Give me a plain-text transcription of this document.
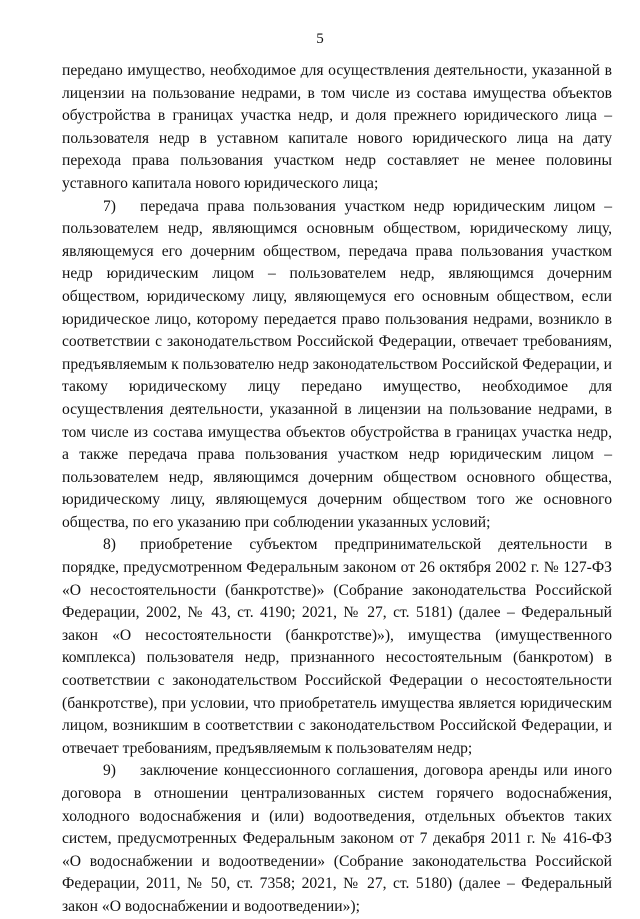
5

передано имущество, необходимое для осуществления деятельности, указанной в лицензии на пользование недрами, в том числе из состава имущества объектов обустройства в границах участка недр, и доля прежнего юридического лица – пользователя недр в уставном капитале нового юридического лица на дату перехода права пользования участком недр составляет не менее половины уставного капитала нового юридического лица;

7) передача права пользования участком недр юридическим лицом – пользователем недр, являющимся основным обществом, юридическому лицу, являющемуся его дочерним обществом, передача права пользования участком недр юридическим лицом – пользователем недр, являющимся дочерним обществом, юридическому лицу, являющемуся его основным обществом, если юридическое лицо, которому передается право пользования недрами, возникло в соответствии с законодательством Российской Федерации, отвечает требованиям, предъявляемым к пользователю недр законодательством Российской Федерации, и такому юридическому лицу передано имущество, необходимое для осуществления деятельности, указанной в лицензии на пользование недрами, в том числе из состава имущества объектов обустройства в границах участка недр, а также передача права пользования участком недр юридическим лицом – пользователем недр, являющимся дочерним обществом основного общества, юридическому лицу, являющемуся дочерним обществом того же основного общества, по его указанию при соблюдении указанных условий;

8) приобретение субъектом предпринимательской деятельности в порядке, предусмотренном Федеральным законом от 26 октября 2002 г. № 127-ФЗ «О несостоятельности (банкротстве)» (Собрание законодательства Российской Федерации, 2002, № 43, ст. 4190; 2021, № 27, ст. 5181) (далее – Федеральный закон «О несостоятельности (банкротстве)»), имущества (имущественного комплекса) пользователя недр, признанного несостоятельным (банкротом) в соответствии с законодательством Российской Федерации о несостоятельности (банкротстве), при условии, что приобретатель имущества является юридическим лицом, возникшим в соответствии с законодательством Российской Федерации, и отвечает требованиям, предъявляемым к пользователям недр;

9) заключение концессионного соглашения, договора аренды или иного договора в отношении централизованных систем горячего водоснабжения, холодного водоснабжения и (или) водоотведения, отдельных объектов таких систем, предусмотренных Федеральным законом от 7 декабря 2011 г. № 416-ФЗ «О водоснабжении и водоотведении» (Собрание законодательства Российской Федерации, 2011, № 50, ст. 7358; 2021, № 27, ст. 5180) (далее – Федеральный закон «О водоснабжении и водоотведении»);
